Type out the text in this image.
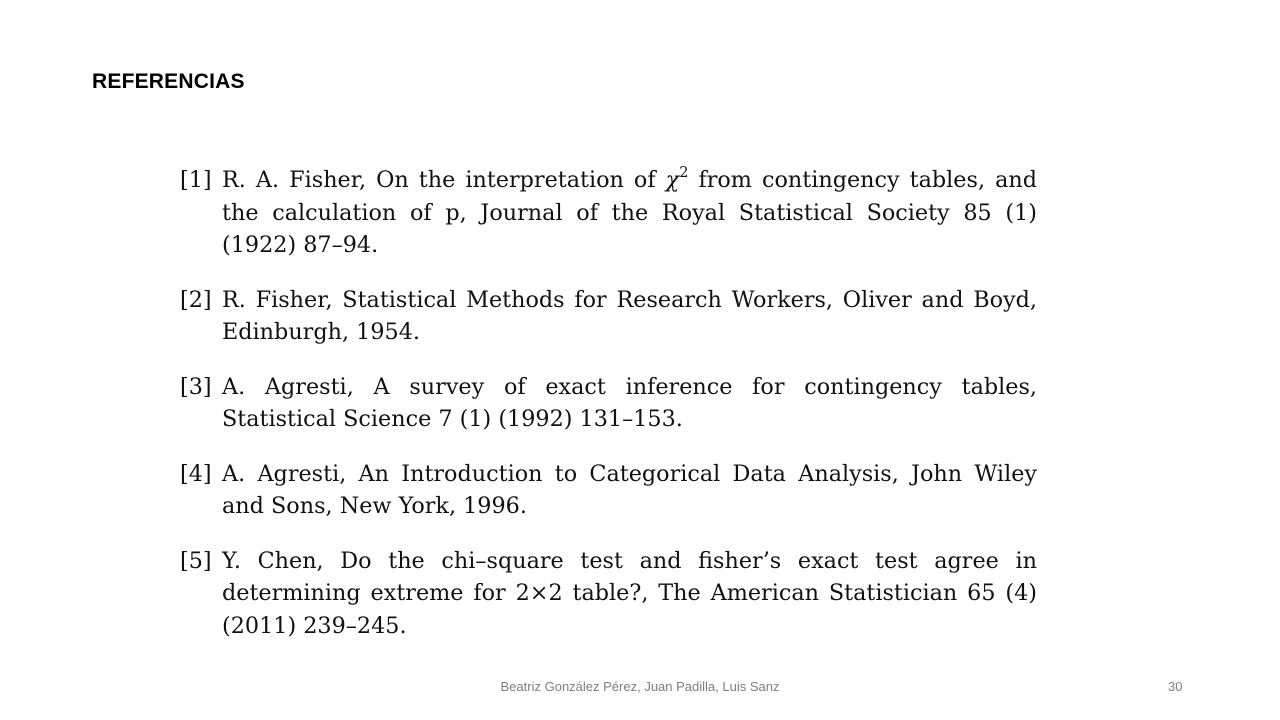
REFERENCIAS
[1] R. A. Fisher, On the interpretation of $\chi^2$ from contingency tables, and the calculation of p, Journal of the Royal Statistical Society 85 (1) (1922) 87–94.
[2] R. Fisher, Statistical Methods for Research Workers, Oliver and Boyd, Edinburgh, 1954.
[3] A. Agresti, A survey of exact inference for contingency tables, Statistical Science 7 (1) (1992) 131–153.
[4] A. Agresti, An Introduction to Categorical Data Analysis, John Wiley and Sons, New York, 1996.
[5] Y. Chen, Do the chi–square test and fisher’s exact test agree in determining extreme for 2×2 table?, The American Statistician 65 (4) (2011) 239–245.
Beatriz González Pérez, Juan Padilla, Luis Sanz	30
